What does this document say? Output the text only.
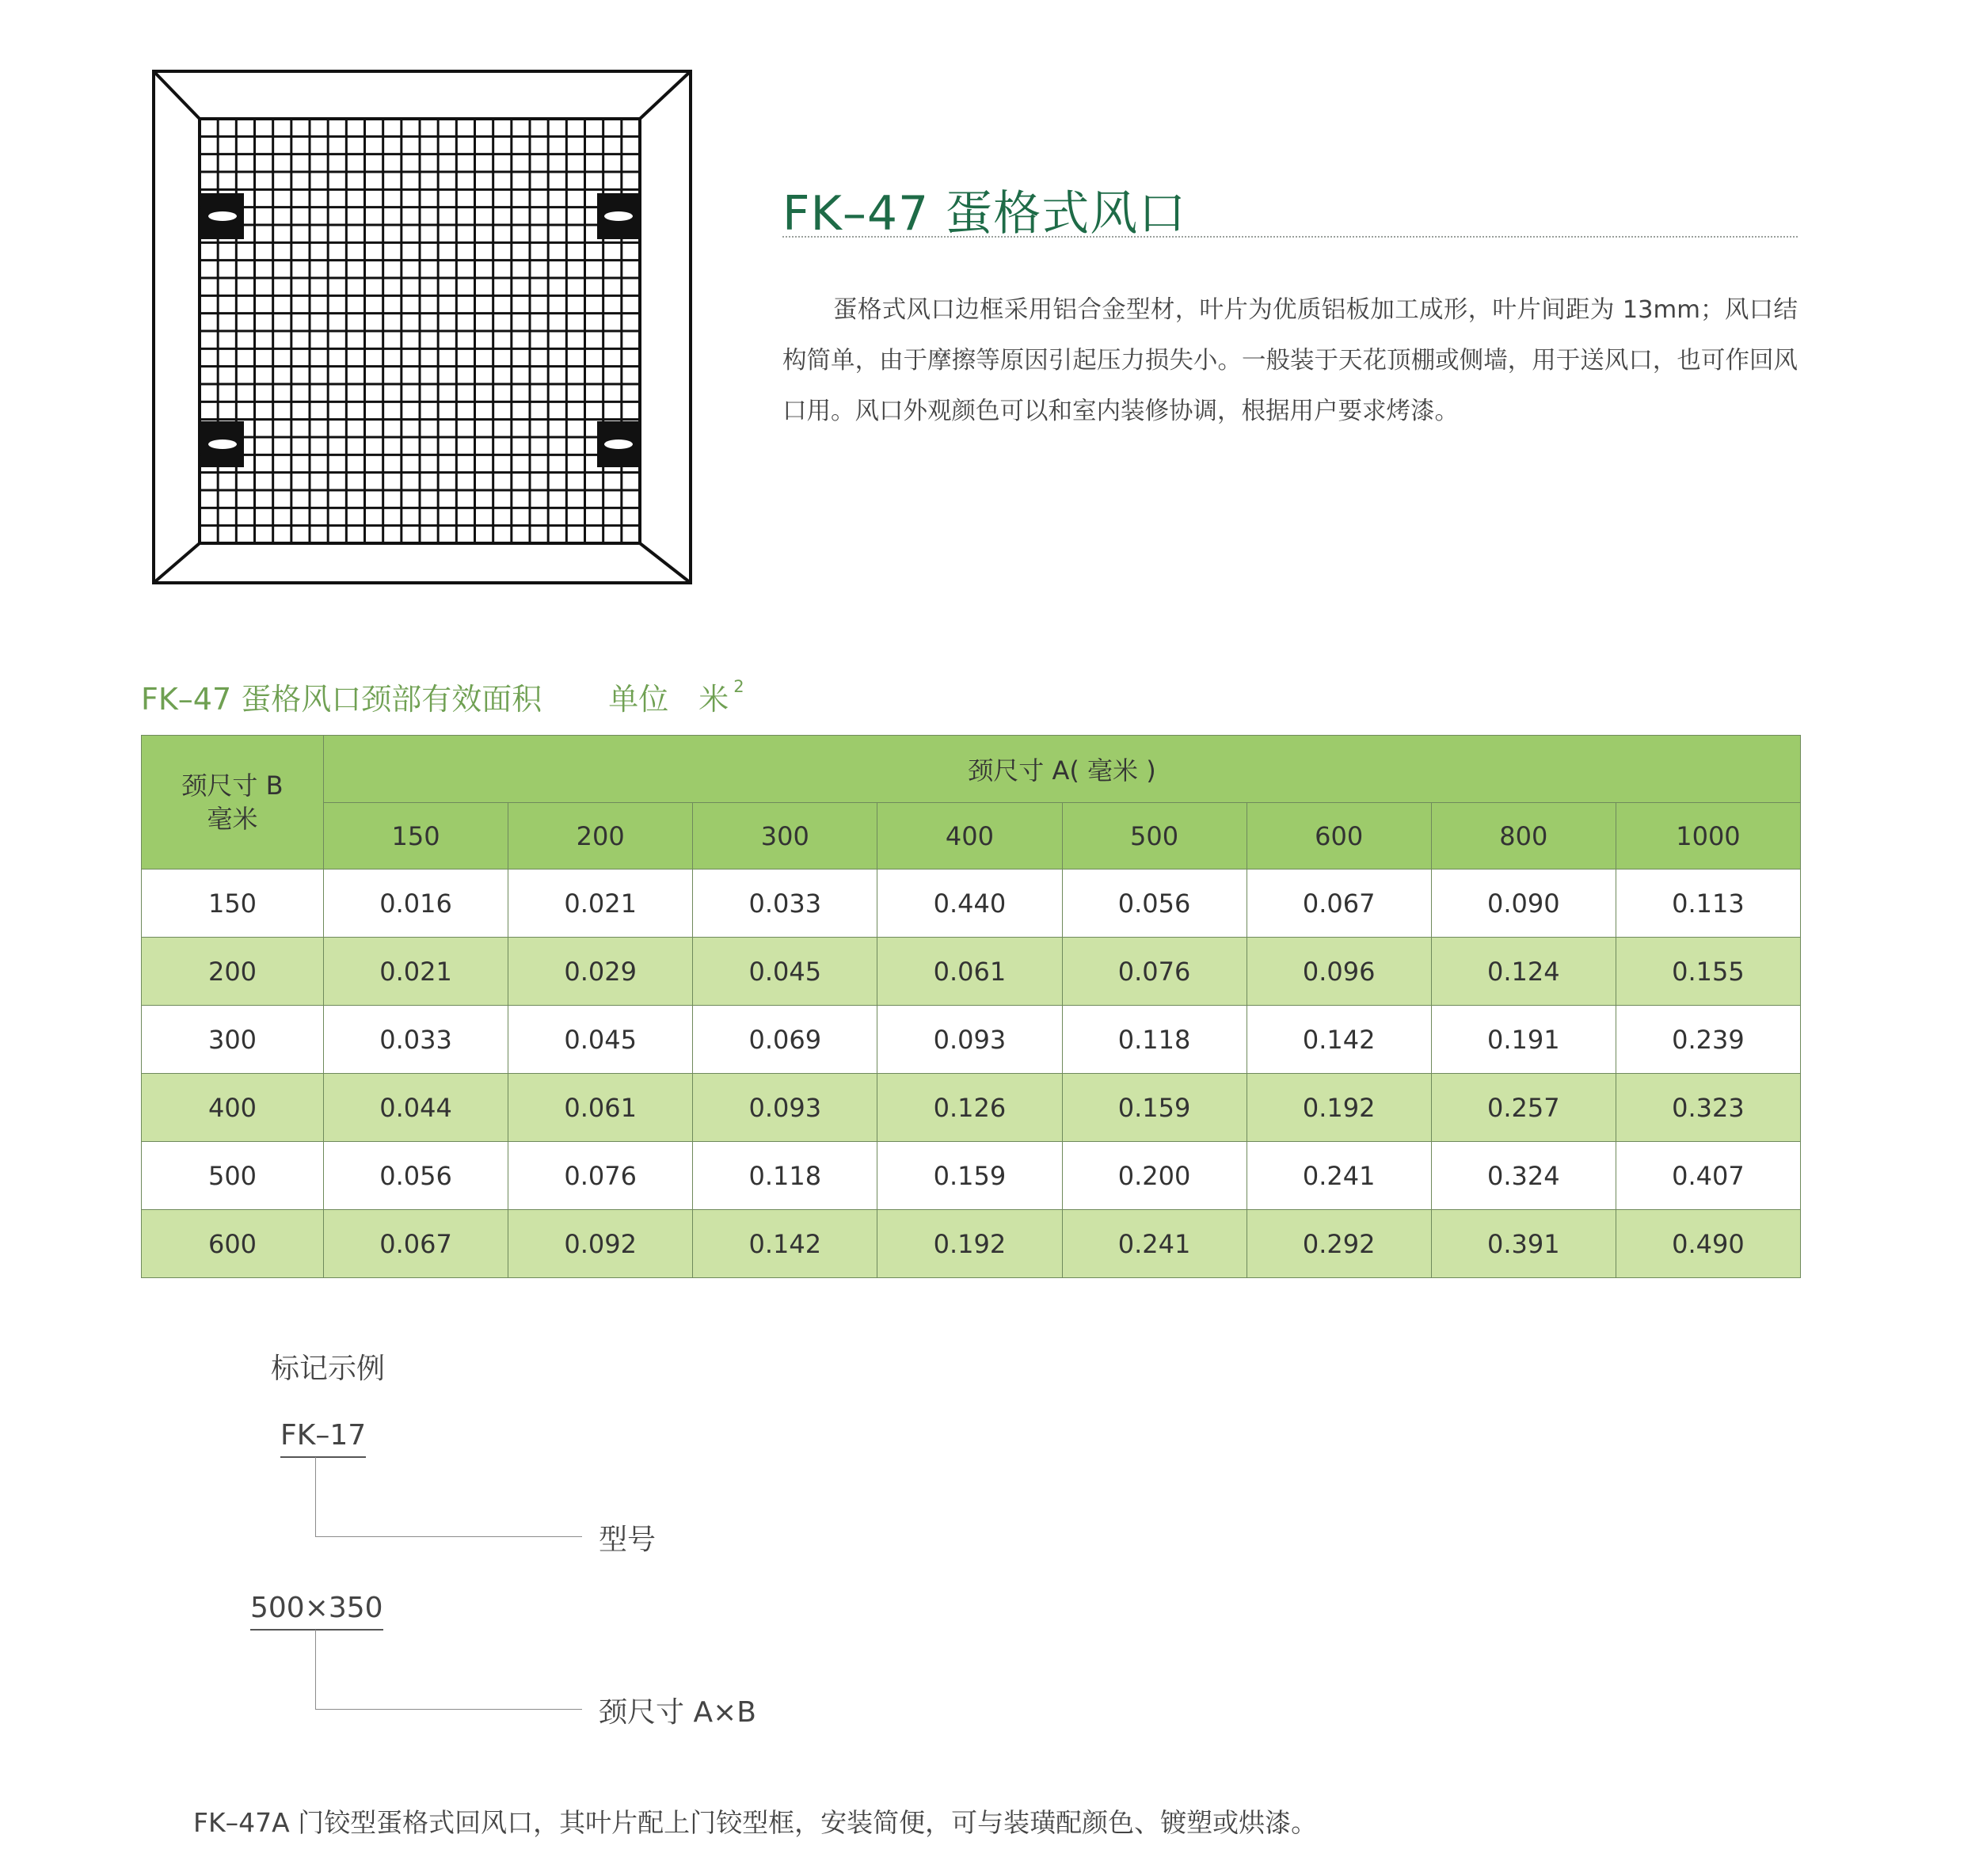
FK–47 蛋格式风口

蛋格式风口边框采用铝合金型材，叶片为优质铝板加工成形，叶片间距为 13mm；风口结构简单，由于摩擦等原因引起压力损失小。一般装于天花顶棚或侧墙，用于送风口，也可作回风口用。风口外观颜色可以和室内装修协调，根据用户要求烤漆。

FK–47 蛋格风口颈部有效面积 单位　米 $^2$
颈尺寸 B
毫米	颈尺寸 A( 毫米 )							
	150	200	300	400	500	600	800	1000
150	0.016	0.021	0.033	0.440	0.056	0.067	0.090	0.113
200	0.021	0.029	0.045	0.061	0.076	0.096	0.124	0.155
300	0.033	0.045	0.069	0.093	0.118	0.142	0.191	0.239
400	0.044	0.061	0.093	0.126	0.159	0.192	0.257	0.323
500	0.056	0.076	0.118	0.159	0.200	0.241	0.324	0.407
600	0.067	0.092	0.142	0.192	0.241	0.292	0.391	0.490
标记示例
FK–17
型号
500×350
颈尺寸 A×B

FK–47A 门铰型蛋格式回风口，其叶片配上门铰型框，安装简便，可与装璜配颜色、镀塑或烘漆。
